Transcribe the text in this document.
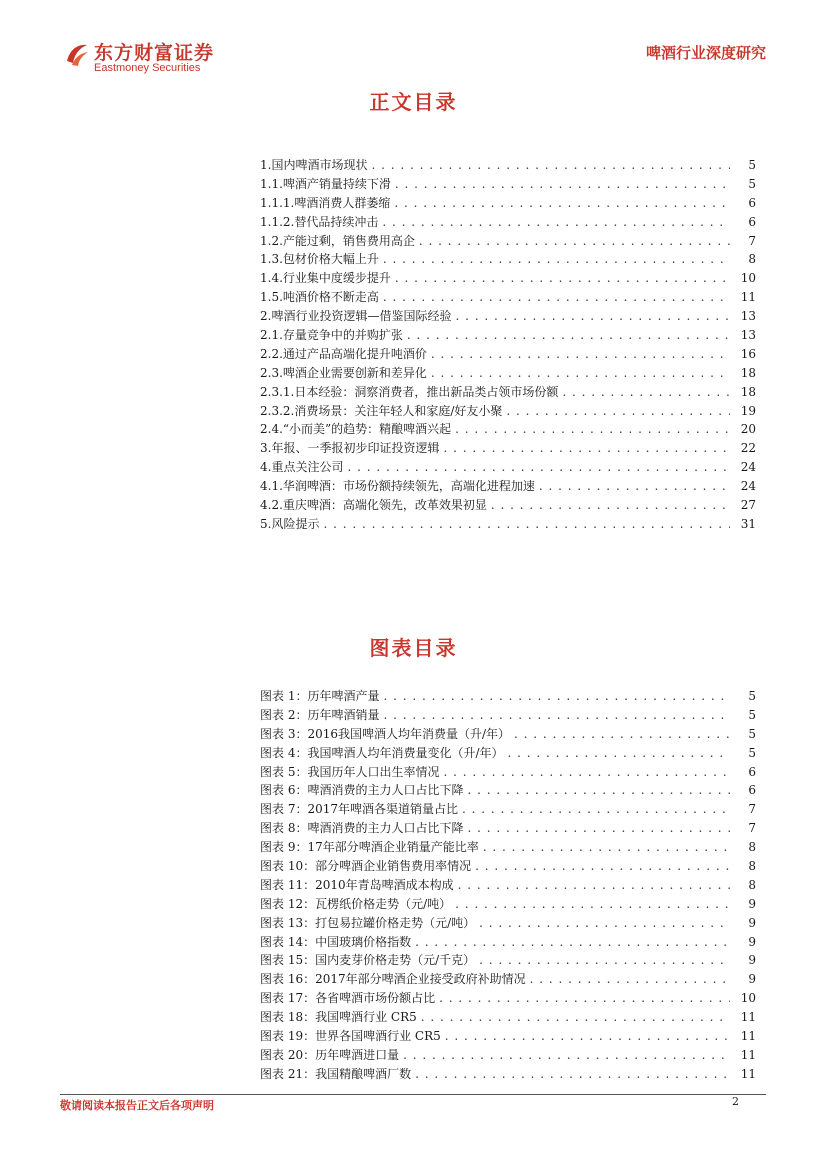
东方财富证券
Eastmoney Securities
啤酒行业深度研究
正文目录
1.国内啤酒市场现状 . . .	5
1.1.啤酒产销量持续下滑 . . .	5
1.1.1.啤酒消费人群萎缩 . . .	6
1.1.2.替代品持续冲击 . . .	6
1.2.产能过剩，销售费用高企 . . .	7
1.3.包材价格大幅上升 . . .	8
1.4.行业集中度缓步提升 . . .	10
1.5.吨酒价格不断走高 . . .	11
2.啤酒行业投资逻辑—借鉴国际经验 . . .	13
2.1.存量竞争中的并购扩张 . . .	13
2.2.通过产品高端化提升吨酒价 . . .	16
2.3.啤酒企业需要创新和差异化 . . .	18
2.3.1.日本经验：洞察消费者，推出新品类占领市场份额 . . .	18
2.3.2.消费场景：关注年轻人和家庭/好友小聚 . . .	19
2.4.“小而美”的趋势：精酿啤酒兴起 . . .	20
3.年报、一季报初步印证投资逻辑 . . .	22
4.重点关注公司 . . .	24
4.1.华润啤酒：市场份额持续领先，高端化进程加速 . . .	24
4.2.重庆啤酒：高端化领先，改革效果初显 . . .	27
5.风险提示 . . .	31
图表目录
图表 1：历年啤酒产量 . . .	5
图表 2：历年啤酒销量 . . .	5
图表 3：2016我国啤酒人均年消费量（升/年） . . .	5
图表 4：我国啤酒人均年消费量变化（升/年） . . .	5
图表 5：我国历年人口出生率情况 . . .	6
图表 6：啤酒消费的主力人口占比下降 . . .	6
图表 7：2017年啤酒各渠道销量占比 . . .	7
图表 8：啤酒消费的主力人口占比下降 . . .	7
图表 9：17年部分啤酒企业销量产能比率 . . .	8
图表 10：部分啤酒企业销售费用率情况 . . .	8
图表 11：2010年青岛啤酒成本构成 . . .	8
图表 12：瓦楞纸价格走势（元/吨） . . .	9
图表 13：打包易拉罐价格走势（元/吨） . . .	9
图表 14：中国玻璃价格指数 . . .	9
图表 15：国内麦芽价格走势（元/千克） . . .	9
图表 16：2017年部分啤酒企业接受政府补助情况 . . .	9
图表 17：各省啤酒市场份额占比 . . .	10
图表 18：我国啤酒行业 CR5 . . .	11
图表 19：世界各国啤酒行业 CR5 . . .	11
图表 20：历年啤酒进口量 . . .	11
图表 21：我国精酿啤酒厂数 . . .	11
敬请阅读本报告正文后各项声明	2
